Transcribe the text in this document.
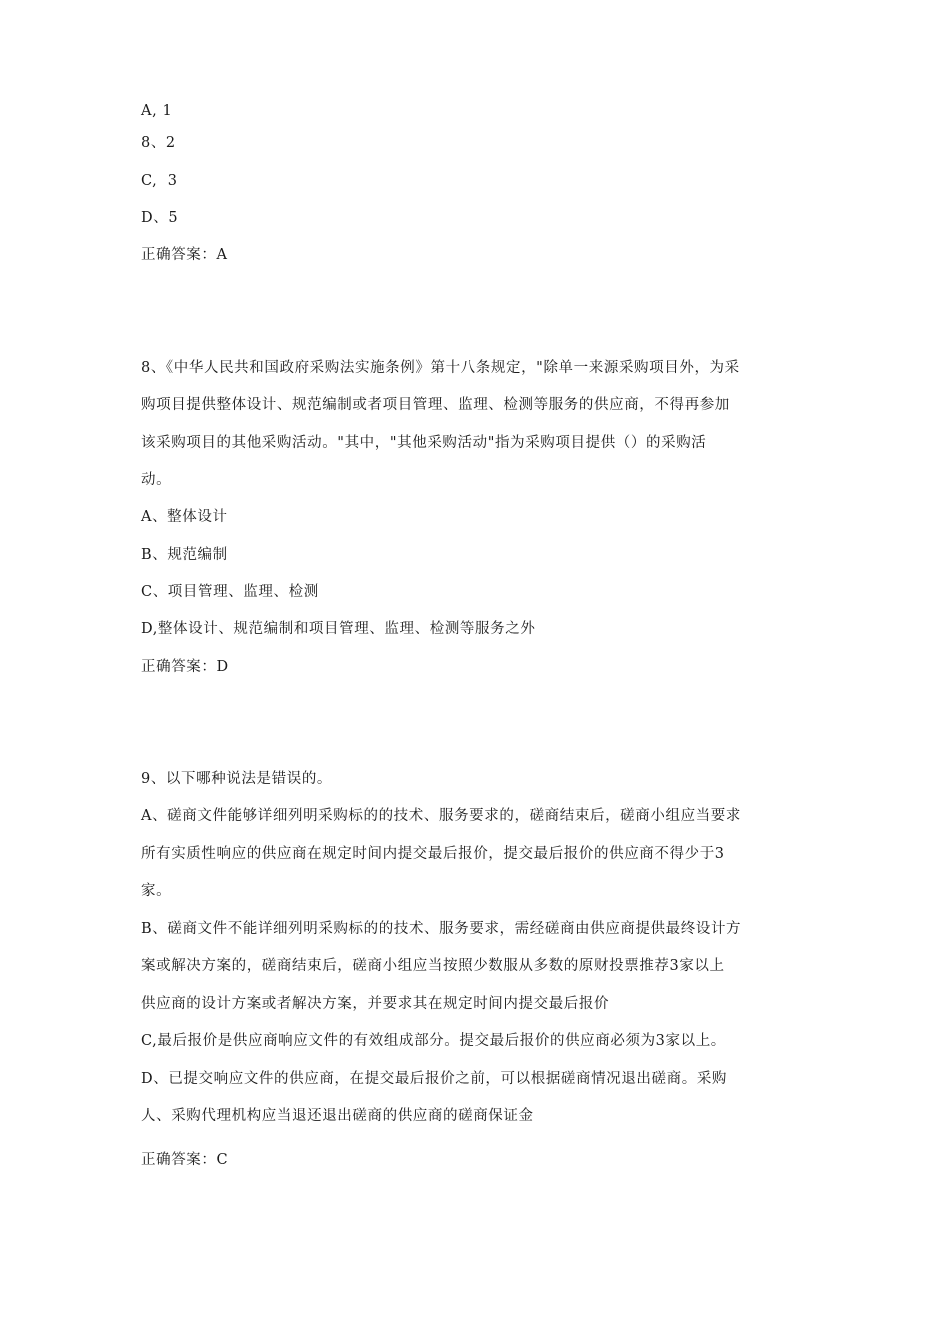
A, 1
8、2
C,  3
D、5
正确答案：A
8、《中华人民共和国政府采购法实施条例》第十八条规定，"除单一来源采购项目外，为采
购项目提供整体设计、规范编制或者项目管理、监理、检测等服务的供应商，不得再参加
该采购项目的其他采购活动。"其中，"其他采购活动"指为采购项目提供（）的采购活
动。
A、整体设计
B、规范编制
C、项目管理、监理、检测
D,整体设计、规范编制和项目管理、监理、检测等服务之外
正确答案：D
9、以下哪种说法是错误的。
A、磋商文件能够详细列明采购标的的技术、服务要求的，磋商结束后，磋商小组应当要求
所有实质性响应的供应商在规定时间内提交最后报价，提交最后报价的供应商不得少于3
家。
B、磋商文件不能详细列明采购标的的技术、服务要求，需经磋商由供应商提供最终设计方
案或解决方案的，磋商结束后，磋商小组应当按照少数服从多数的原财投票推荐3家以上
供应商的设计方案或者解决方案，并要求其在规定时间内提交最后报价
C,最后报价是供应商响应文件的有效组成部分。提交最后报价的供应商必须为3家以上。
D、已提交响应文件的供应商，在提交最后报价之前，可以根据磋商情况退出磋商。采购
人、采购代理机构应当退还退出磋商的供应商的磋商保证金
正确答案：C
